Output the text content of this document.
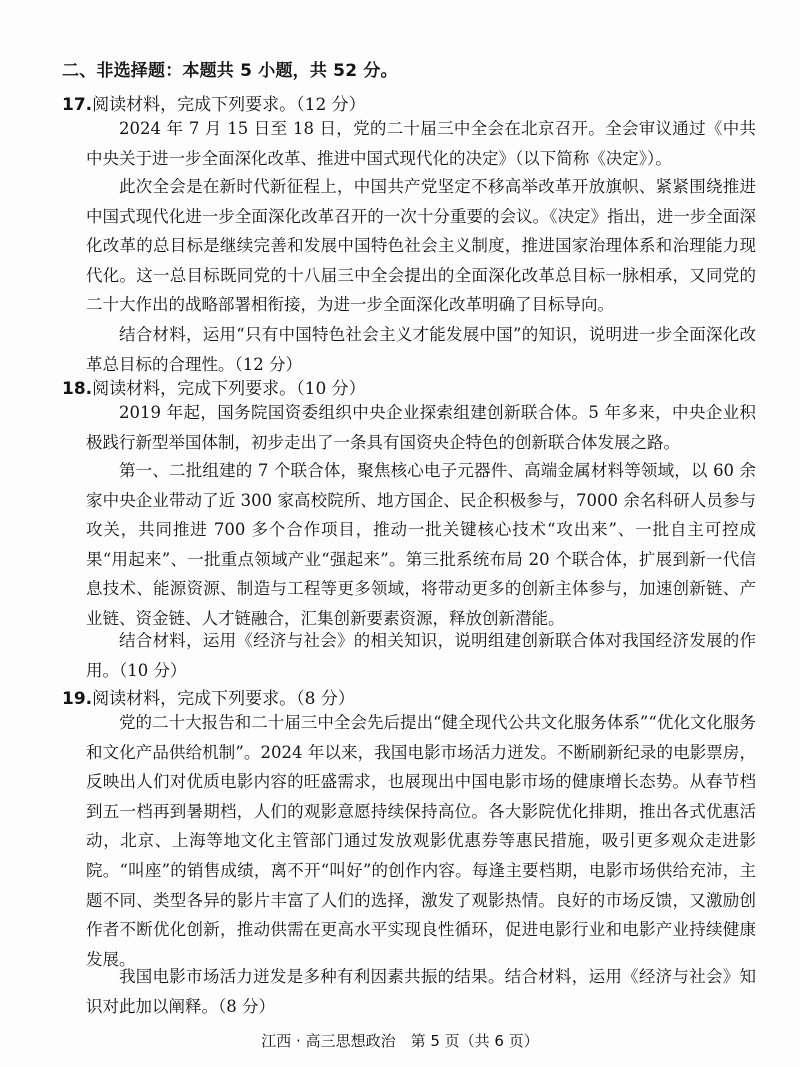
二、非选择题：本题共 5 小题，共 52 分。
17.阅读材料，完成下列要求。（12 分）

2024 年 7 月 15 日至 18 日，党的二十届三中全会在北京召开。全会审议通过《中共中央关于进一步全面深化改革、推进中国式现代化的决定》（以下简称《决定》）。

此次全会是在新时代新征程上，中国共产党坚定不移高举改革开放旗帜、紧紧围绕推进中国式现代化进一步全面深化改革召开的一次十分重要的会议。《决定》指出，进一步全面深化改革的总目标是继续完善和发展中国特色社会主义制度，推进国家治理体系和治理能力现代化。这一总目标既同党的十八届三中全会提出的全面深化改革总目标一脉相承，又同党的二十大作出的战略部署相衔接，为进一步全面深化改革明确了目标导向。

结合材料，运用“只有中国特色社会主义才能发展中国”的知识，说明进一步全面深化改革总目标的合理性。（12 分）

18.阅读材料，完成下列要求。（10 分）

2019 年起，国务院国资委组织中央企业探索组建创新联合体。5 年多来，中央企业积极践行新型举国体制，初步走出了一条具有国资央企特色的创新联合体发展之路。

第一、二批组建的 7 个联合体，聚焦核心电子元器件、高端金属材料等领域，以 60 余家中央企业带动了近 300 家高校院所、地方国企、民企积极参与，7000 余名科研人员参与攻关，共同推进 700 多个合作项目，推动一批关键核心技术“攻出来”、一批自主可控成果“用起来”、一批重点领域产业“强起来”。第三批系统布局 20 个联合体，扩展到新一代信息技术、能源资源、制造与工程等更多领域，将带动更多的创新主体参与，加速创新链、产业链、资金链、人才链融合，汇集创新要素资源，释放创新潜能。

结合材料，运用《经济与社会》的相关知识，说明组建创新联合体对我国经济发展的作用。（10 分）

19.阅读材料，完成下列要求。（8 分）

党的二十大报告和二十届三中全会先后提出“健全现代公共文化服务体系”“优化文化服务和文化产品供给机制”。2024 年以来，我国电影市场活力迸发。不断刷新纪录的电影票房，反映出人们对优质电影内容的旺盛需求，也展现出中国电影市场的健康增长态势。从春节档到五一档再到暑期档，人们的观影意愿持续保持高位。各大影院优化排期，推出各式优惠活动，北京、上海等地文化主管部门通过发放观影优惠券等惠民措施，吸引更多观众走进影院。“叫座”的销售成绩，离不开“叫好”的创作内容。每逢主要档期，电影市场供给充沛，主题不同、类型各异的影片丰富了人们的选择，激发了观影热情。良好的市场反馈，又激励创作者不断优化创新，推动供需在更高水平实现良性循环，促进电影行业和电影产业持续健康发展。

我国电影市场活力迸发是多种有利因素共振的结果。结合材料，运用《经济与社会》知识对此加以阐释。（8 分）

江西 · 高三思想政治　第 5 页（共 6 页）
